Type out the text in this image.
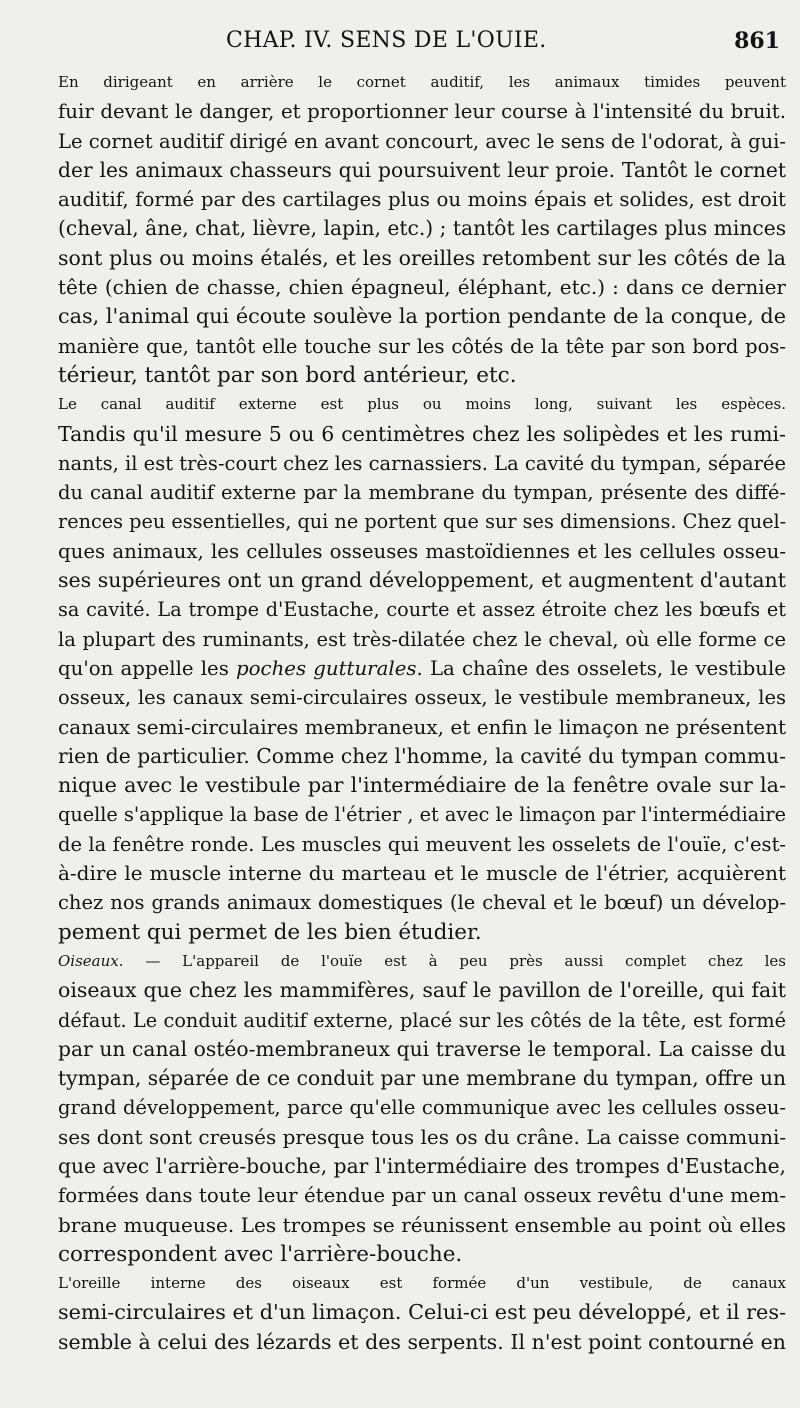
CHAP. IV. SENS DE L'OUIE.	861

En dirigeant en arrière le cornet auditif, les animaux timides peuvent
fuir devant le danger, et proportionner leur course à l'intensité du bruit.
Le cornet auditif dirigé en avant concourt, avec le sens de l'odorat, à gui-
der les animaux chasseurs qui poursuivent leur proie. Tantôt le cornet
auditif, formé par des cartilages plus ou moins épais et solides, est droit
(cheval, âne, chat, lièvre, lapin, etc.) ; tantôt les cartilages plus minces
sont plus ou moins étalés, et les oreilles retombent sur les côtés de la
tête (chien de chasse, chien épagneul, éléphant, etc.) : dans ce dernier
cas, l'animal qui écoute soulève la portion pendante de la conque, de
manière que, tantôt elle touche sur les côtés de la tête par son bord pos-
térieur, tantôt par son bord antérieur, etc.

Le canal auditif externe est plus ou moins long, suivant les espèces.
Tandis qu'il mesure 5 ou 6 centimètres chez les solipèdes et les rumi-
nants, il est très-court chez les carnassiers. La cavité du tympan, séparée
du canal auditif externe par la membrane du tympan, présente des diffé-
rences peu essentielles, qui ne portent que sur ses dimensions. Chez quel-
ques animaux, les cellules osseuses mastoïdiennes et les cellules osseu-
ses supérieures ont un grand développement, et augmentent d'autant
sa cavité. La trompe d'Eustache, courte et assez étroite chez les bœufs et
la plupart des ruminants, est très-dilatée chez le cheval, où elle forme ce
qu'on appelle les poches gutturales. La chaîne des osselets, le vestibule
osseux, les canaux semi-circulaires osseux, le vestibule membraneux, les
canaux semi-circulaires membraneux, et enfin le limaçon ne présentent
rien de particulier. Comme chez l'homme, la cavité du tympan commu-
nique avec le vestibule par l'intermédiaire de la fenêtre ovale sur la-
quelle s'applique la base de l'étrier , et avec le limaçon par l'intermédiaire
de la fenêtre ronde. Les muscles qui meuvent les osselets de l'ouïe, c'est-
à-dire le muscle interne du marteau et le muscle de l'étrier, acquièrent
chez nos grands animaux domestiques (le cheval et le bœuf) un dévelop-
pement qui permet de les bien étudier.

Oiseaux. — L'appareil de l'ouïe est à peu près aussi complet chez les
oiseaux que chez les mammifères, sauf le pavillon de l'oreille, qui fait
défaut. Le conduit auditif externe, placé sur les côtés de la tête, est formé
par un canal ostéo-membraneux qui traverse le temporal. La caisse du
tympan, séparée de ce conduit par une membrane du tympan, offre un
grand développement, parce qu'elle communique avec les cellules osseu-
ses dont sont creusés presque tous les os du crâne. La caisse communi-
que avec l'arrière-bouche, par l'intermédiaire des trompes d'Eustache,
formées dans toute leur étendue par un canal osseux revêtu d'une mem-
brane muqueuse. Les trompes se réunissent ensemble au point où elles
correspondent avec l'arrière-bouche.

L'oreille interne des oiseaux est formée d'un vestibule, de canaux
semi-circulaires et d'un limaçon. Celui-ci est peu développé, et il res-
semble à celui des lézards et des serpents. Il n'est point contourné en
